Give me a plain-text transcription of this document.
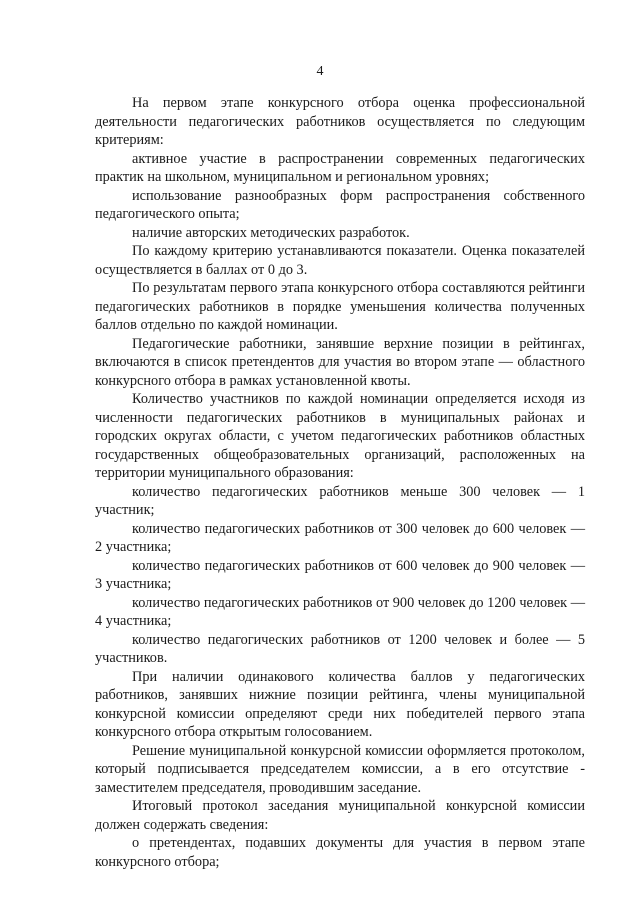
4

На первом этапе конкурсного отбора оценка профессиональной деятельности педагогических работников осуществляется по следующим критериям:

активное участие в распространении современных педагогических практик на школьном, муниципальном и региональном уровнях;

использование разнообразных форм распространения собственного педагогического опыта;

наличие авторских методических разработок.

По каждому критерию устанавливаются показатели. Оценка показателей осуществляется в баллах от 0 до 3.

По результатам первого этапа конкурсного отбора составляются рейтинги педагогических работников в порядке уменьшения количества полученных баллов отдельно по каждой номинации.

Педагогические работники, занявшие верхние позиции в рейтингах, включаются в список претендентов для участия во втором этапе — областного конкурсного отбора в рамках установленной квоты.

Количество участников по каждой номинации определяется исходя из численности педагогических работников в муниципальных районах и городских округах области, с учетом педагогических работников областных государственных общеобразовательных организаций, расположенных на территории муниципального образования:

количество педагогических работников меньше 300 человек — 1 участник;

количество педагогических работников от 300 человек до 600 человек — 2 участника;

количество педагогических работников от 600 человек до 900 человек — 3 участника;

количество педагогических работников от 900 человек до 1200 человек — 4 участника;

количество педагогических работников от 1200 человек и более — 5 участников.

При наличии одинакового количества баллов у педагогических работников, занявших нижние позиции рейтинга, члены муниципальной конкурсной комиссии определяют среди них победителей первого этапа конкурсного отбора открытым голосованием.

Решение муниципальной конкурсной комиссии оформляется протоколом, который подписывается председателем комиссии, а в его отсутствие - заместителем председателя, проводившим заседание.

Итоговый протокол заседания муниципальной конкурсной комиссии должен содержать сведения:

о претендентах, подавших документы для участия в первом этапе конкурсного отбора;
